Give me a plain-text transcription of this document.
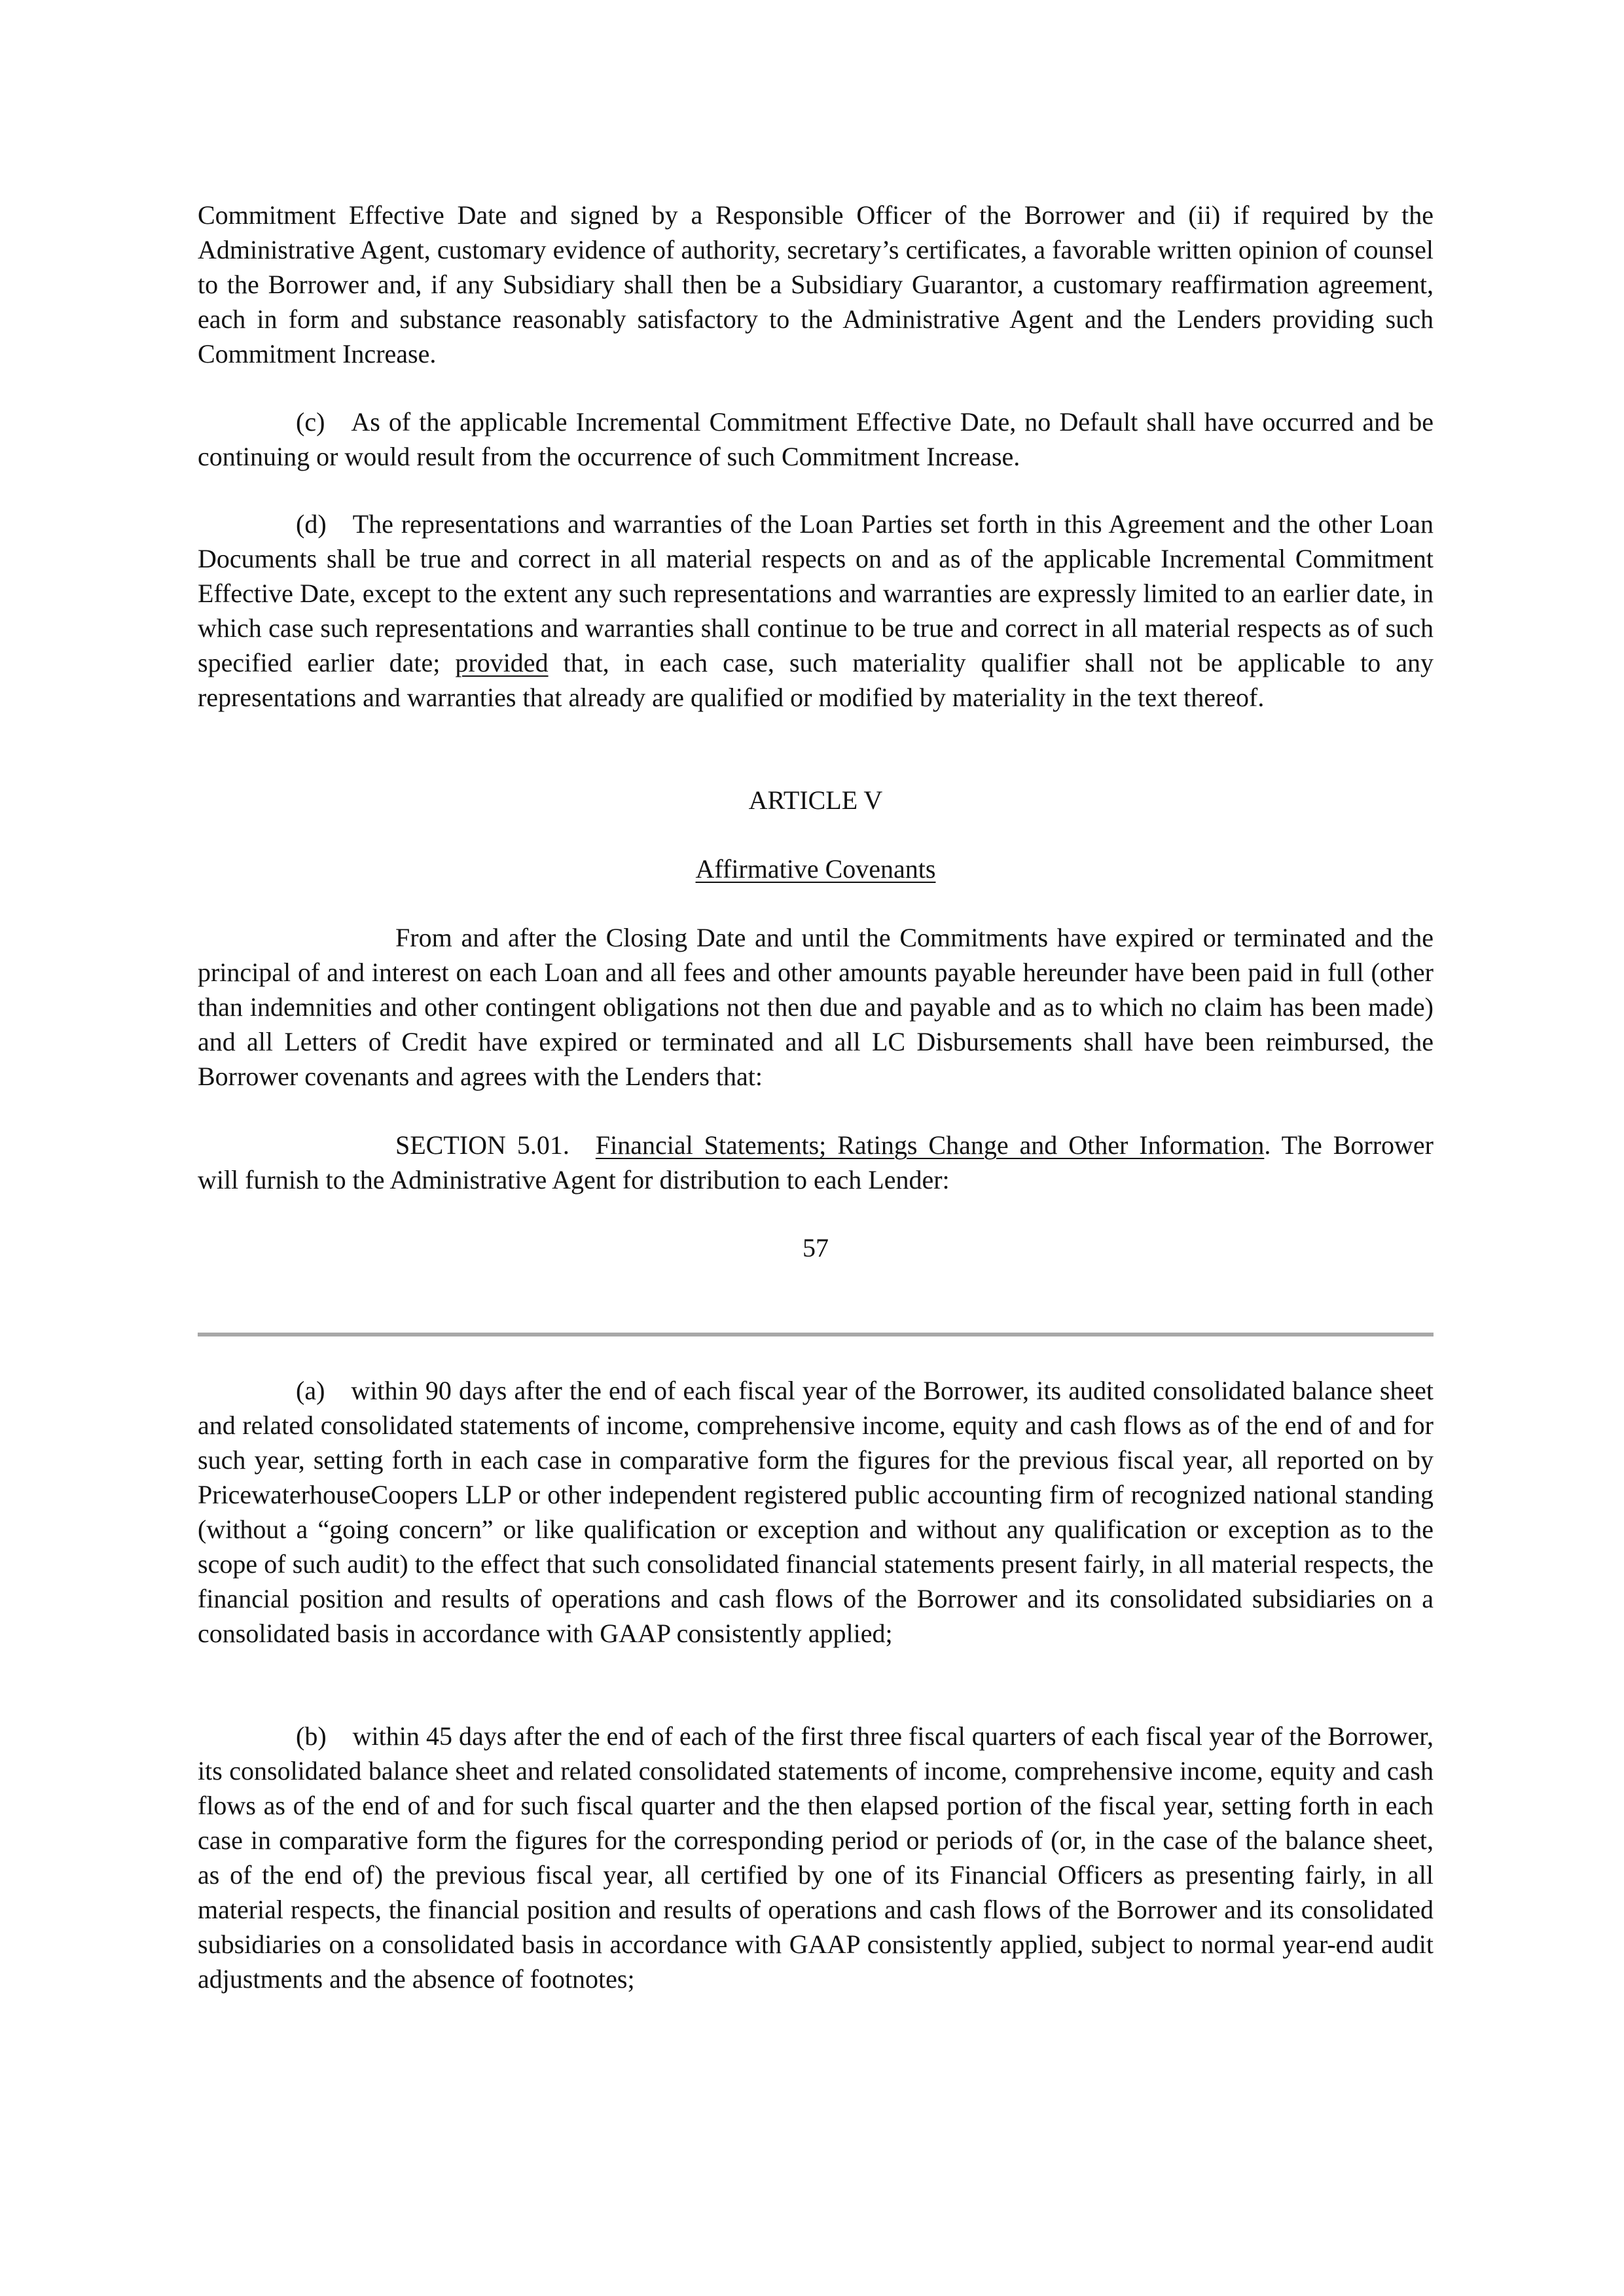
Commitment Effective Date and signed by a Responsible Officer of the Borrower and (ii) if required by the Administrative Agent, customary evidence of authority, secretary’s certificates, a favorable written opinion of counsel to the Borrower and, if any Subsidiary shall then be a Subsidiary Guarantor, a customary reaffirmation agreement, each in form and substance reasonably satisfactory to the Administrative Agent and the Lenders providing such Commitment Increase.

(c) As of the applicable Incremental Commitment Effective Date, no Default shall have occurred and be continuing or would result from the occurrence of such Commitment Increase.

(d) The representations and warranties of the Loan Parties set forth in this Agreement and the other Loan Documents shall be true and correct in all material respects on and as of the applicable Incremental Commitment Effective Date, except to the extent any such representations and warranties are expressly limited to an earlier date, in which case such representations and warranties shall continue to be true and correct in all material respects as of such specified earlier date; provided that, in each case, such materiality qualifier shall not be applicable to any representations and warranties that already are qualified or modified by materiality in the text thereof.

ARTICLE V

Affirmative Covenants

From and after the Closing Date and until the Commitments have expired or terminated and the principal of and interest on each Loan and all fees and other amounts payable hereunder have been paid in full (other than indemnities and other contingent obligations not then due and payable and as to which no claim has been made) and all Letters of Credit have expired or terminated and all LC Disbursements shall have been reimbursed, the Borrower covenants and agrees with the Lenders that:

SECTION 5.01. Financial Statements; Ratings Change and Other Information. The Borrower will furnish to the Administrative Agent for distribution to each Lender:

57

(a) within 90 days after the end of each fiscal year of the Borrower, its audited consolidated balance sheet and related consolidated statements of income, comprehensive income, equity and cash flows as of the end of and for such year, setting forth in each case in comparative form the figures for the previous fiscal year, all reported on by PricewaterhouseCoopers LLP or other independent registered public accounting firm of recognized national standing (without a “going concern” or like qualification or exception and without any qualification or exception as to the scope of such audit) to the effect that such consolidated financial statements present fairly, in all material respects, the financial position and results of operations and cash flows of the Borrower and its consolidated subsidiaries on a consolidated basis in accordance with GAAP consistently applied;

(b) within 45 days after the end of each of the first three fiscal quarters of each fiscal year of the Borrower, its consolidated balance sheet and related consolidated statements of income, comprehensive income, equity and cash flows as of the end of and for such fiscal quarter and the then elapsed portion of the fiscal year, setting forth in each case in comparative form the figures for the corresponding period or periods of (or, in the case of the balance sheet, as of the end of) the previous fiscal year, all certified by one of its Financial Officers as presenting fairly, in all material respects, the financial position and results of operations and cash flows of the Borrower and its consolidated subsidiaries on a consolidated basis in accordance with GAAP consistently applied, subject to normal year-end audit adjustments and the absence of footnotes;
